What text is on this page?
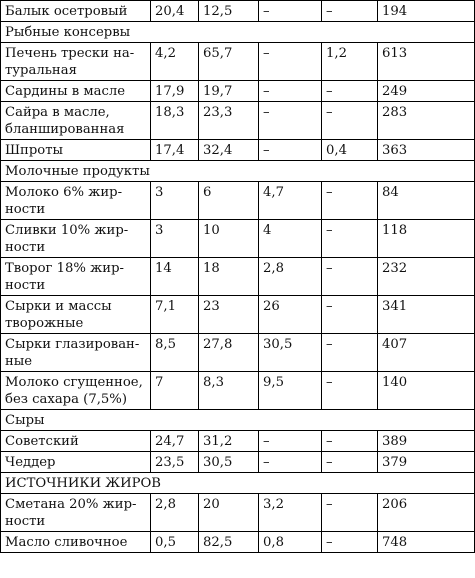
Балык осетровый	20,4	12,5	–	–	194
Рыбные консервы					
Печень трески натуральная	4,2	65,7	–	1,2	613
Сардины в масле	17,9	19,7	–	–	249
Сайра в масле, бланшированная	18,3	23,3	–	–	283
Шпроты	17,4	32,4	–	0,4	363
Молочные продукты					
Молоко 6% жирности	3	6	4,7	–	84
Сливки 10% жирности	3	10	4	–	118
Творог 18% жирности	14	18	2,8	–	232
Сырки и массы творожные	7,1	23	26	–	341
Сырки глазированные	8,5	27,8	30,5	–	407
Молоко сгущенное, без сахара (7,5%)	7	8,3	9,5	–	140
Сыры					
Советский	24,7	31,2	–	–	389
Чеддер	23,5	30,5	–	–	379
ИСТОЧНИКИ ЖИРОВ					
Сметана 20% жирности	2,8	20	3,2	–	206
Масло сливочное	0,5	82,5	0,8	–	748
